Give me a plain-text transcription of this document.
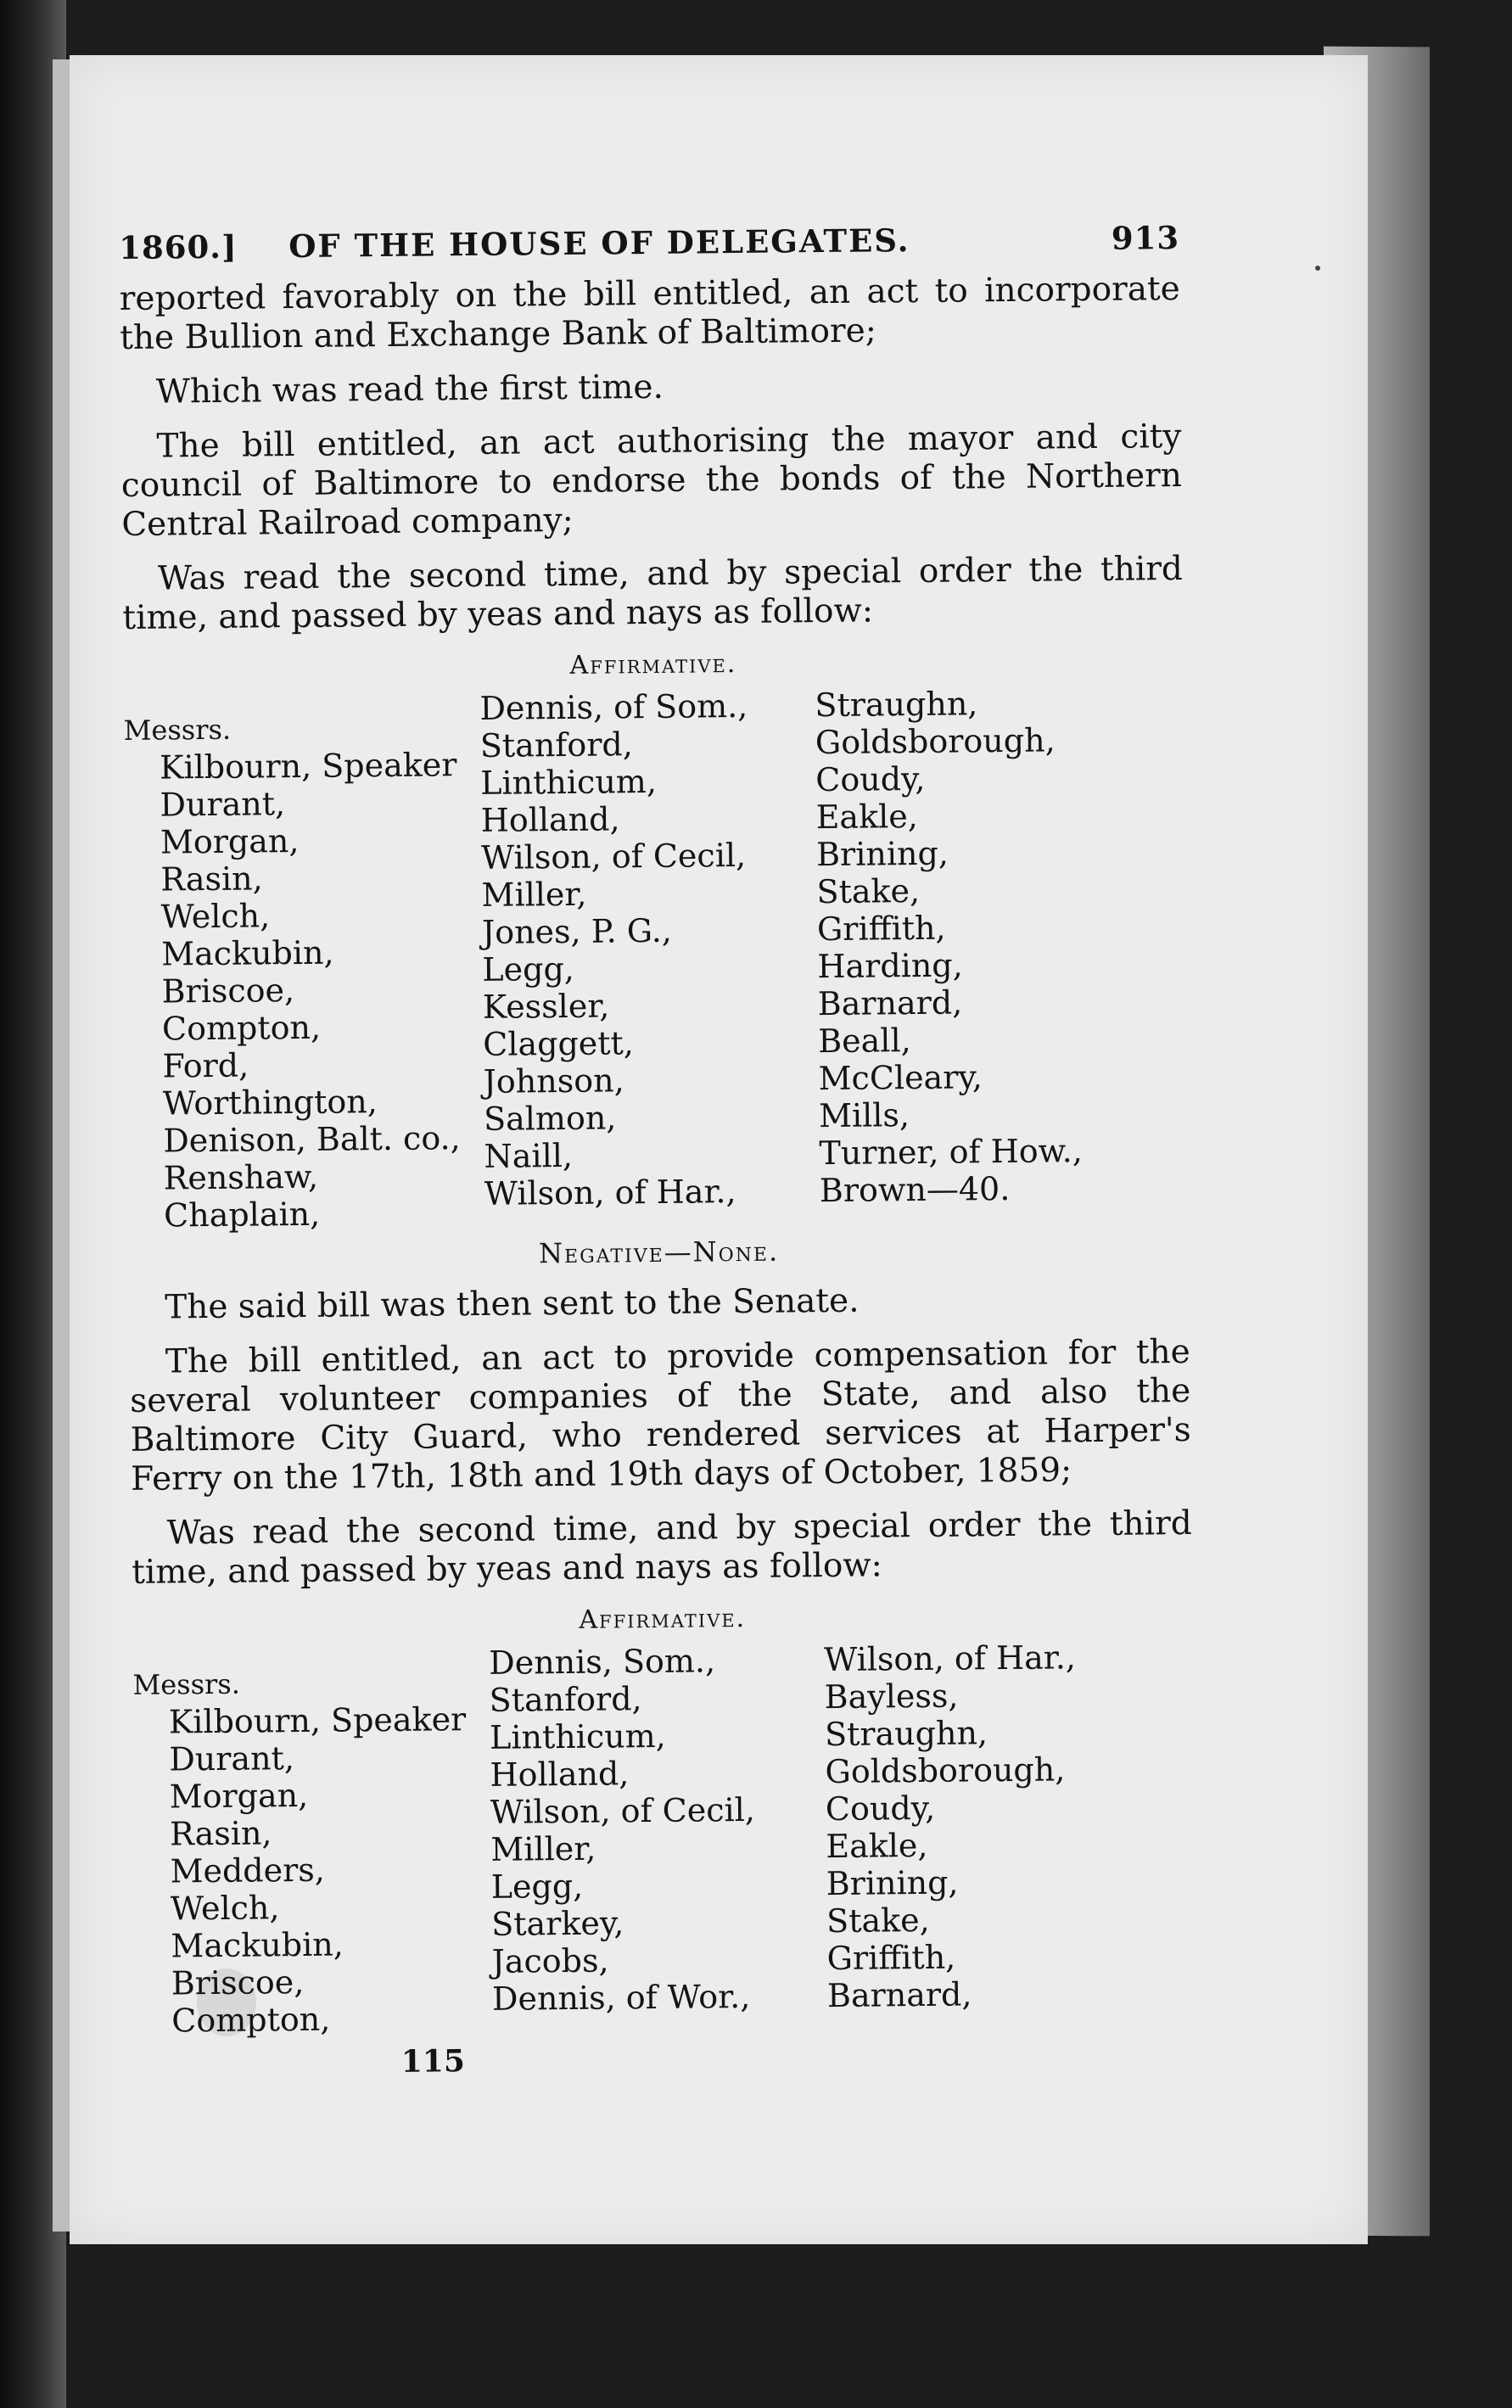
1860.] OF THE HOUSE OF DELEGATES.	913

reported favorably on the bill entitled, an act to incorporate the Bullion and Exchange Bank of Baltimore;

Which was read the first time.

The bill entitled, an act authorising the mayor and city council of Baltimore to endorse the bonds of the Northern Central Railroad company;

Was read the second time, and by special order the third time, and passed by yeas and nays as follow:

Affirmative.
Messrs.
Kilbourn, Speaker
Durant,
Morgan,
Rasin,
Welch,
Mackubin,
Briscoe,
Compton,
Ford,
Worthington,
Denison, Balt. co.,
Renshaw,
Chaplain,
Dennis, of Som.,
Stanford,
Linthicum,
Holland,
Wilson, of Cecil,
Miller,
Jones, P. G.,
Legg,
Kessler,
Claggett,
Johnson,
Salmon,
Naill,
Wilson, of Har.,
Straughn,
Goldsborough,
Coudy,
Eakle,
Brining,
Stake,
Griffith,
Harding,
Barnard,
Beall,
McCleary,
Mills,
Turner, of How.,
Brown—40.
Negative—None.

The said bill was then sent to the Senate.

The bill entitled, an act to provide compensation for the several volunteer companies of the State, and also the Baltimore City Guard, who rendered services at Harper's Ferry on the 17th, 18th and 19th days of October, 1859;

Was read the second time, and by special order the third time, and passed by yeas and nays as follow:

Affirmative.
Messrs.
Kilbourn, Speaker
Durant,
Morgan,
Rasin,
Medders,
Welch,
Mackubin,
Briscoe,
Compton,
Dennis, Som.,
Stanford,
Linthicum,
Holland,
Wilson, of Cecil,
Miller,
Legg,
Starkey,
Jacobs,
Dennis, of Wor.,
Wilson, of Har.,
Bayless,
Straughn,
Goldsborough,
Coudy,
Eakle,
Brining,
Stake,
Griffith,
Barnard,
115
